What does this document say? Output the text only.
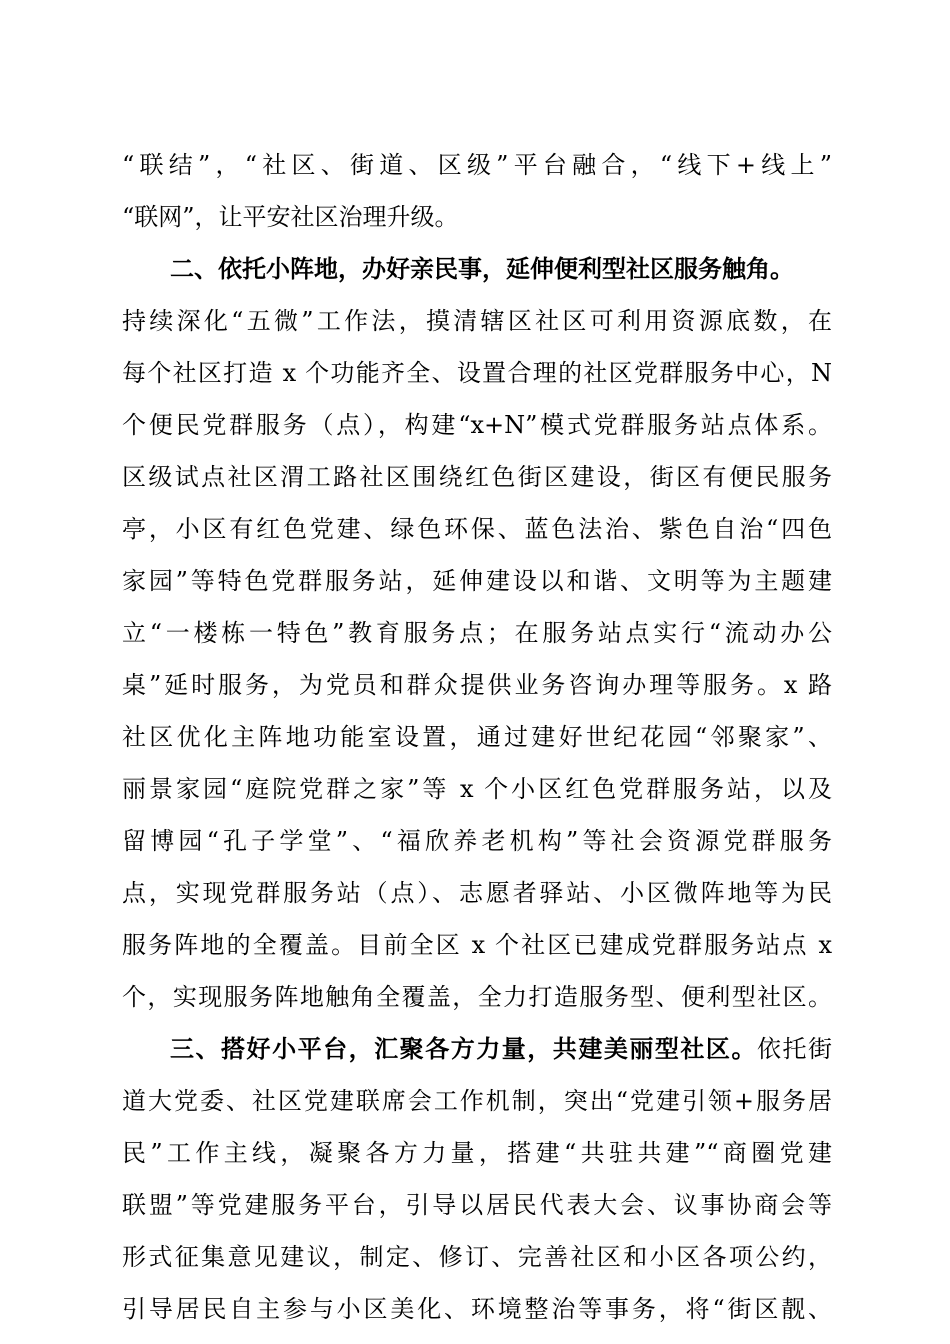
“联结”，“社区、街道、区级”平台融合，“线下+线上”
“联网”，让平安社区治理升级。
二、依托小阵地，办好亲民事，延伸便利型社区服务触角。
持续深化“五微”工作法，摸清辖区社区可利用资源底数，在
每个社区打造 x 个功能齐全、设置合理的社区党群服务中心，N
个便民党群服务（点），构建“x+N”模式党群服务站点体系。
区级试点社区渭工路社区围绕红色街区建设，街区有便民服务
亭，小区有红色党建、绿色环保、蓝色法治、紫色自治“四色
家园”等特色党群服务站，延伸建设以和谐、文明等为主题建
立“一楼栋一特色”教育服务点；在服务站点实行“流动办公
桌”延时服务，为党员和群众提供业务咨询办理等服务。x 路
社区优化主阵地功能室设置，通过建好世纪花园“邻聚家”、
丽景家园“庭院党群之家”等 x 个小区红色党群服务站，以及
留博园“孔子学堂”、“福欣养老机构”等社会资源党群服务
点，实现党群服务站（点）、志愿者驿站、小区微阵地等为民
服务阵地的全覆盖。目前全区 x 个社区已建成党群服务站点 x
个，实现服务阵地触角全覆盖，全力打造服务型、便利型社区。
三、搭好小平台，汇聚各方力量，共建美丽型社区。依托街
道大党委、社区党建联席会工作机制，突出“党建引领+服务居
民”工作主线，凝聚各方力量，搭建“共驻共建”“商圈党建
联盟”等党建服务平台，引导以居民代表大会、议事协商会等
形式征集意见建议，制定、修订、完善社区和小区各项公约，
引导居民自主参与小区美化、环境整治等事务，将“街区靓、
